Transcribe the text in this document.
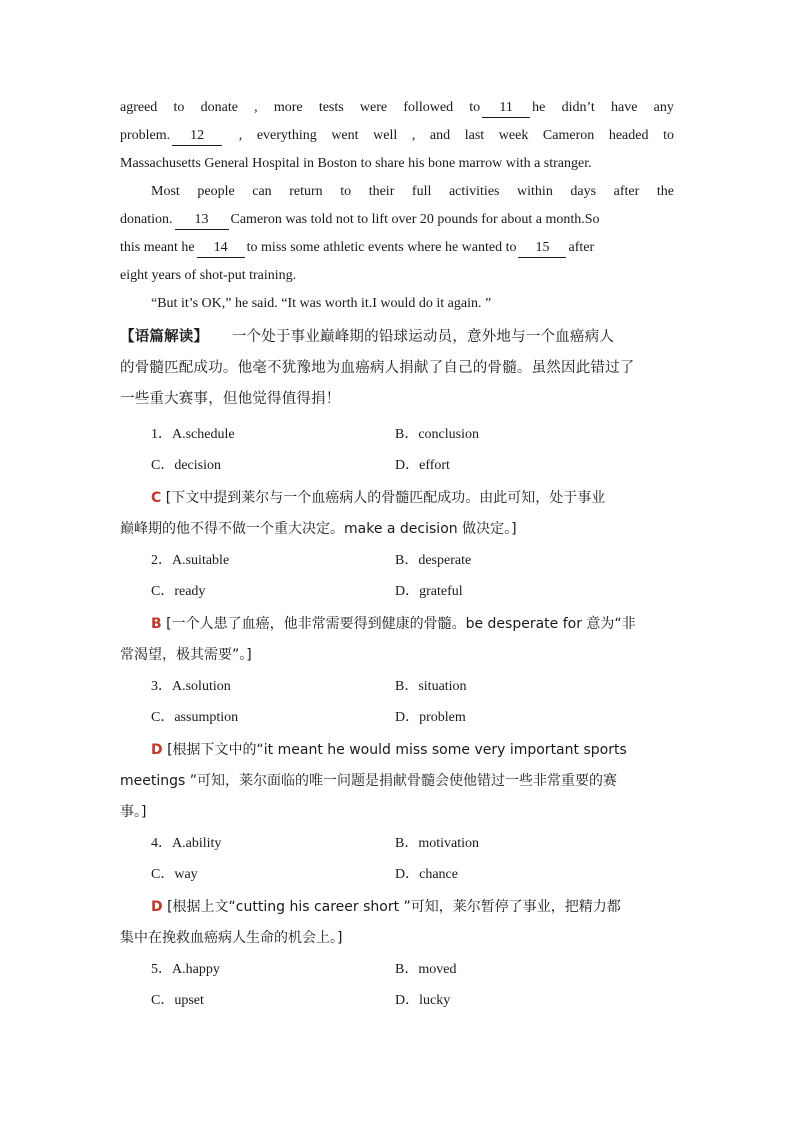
agreed to donate , more tests were followed to 11 he didn’t have any
problem. 12	, everything went well , and last week Cameron headed to
Massachusetts General Hospital in Boston to share his bone marrow with a stranger.
Most people can return to their full activities within days after the
donation. 13 Cameron was told not to lift over 20 pounds for about a month.So
this meant he 14 to miss some athletic events where he wanted to 15 after
eight years of shot-put training.
“But it’s OK,” he said. “It was worth it.I would do it again. ”
【语篇解读】 一个处于事业巅峰期的铅球运动员，意外地与一个血癌病人
的骨髓匹配成功。他毫不犹豫地为血癌病人捐献了自己的骨髓。虽然因此错过了
一些重大赛事，但他觉得值得捐！
1．A.schedule	B．conclusion
C．decision	D．effort
C [下文中提到莱尔与一个血癌病人的骨髓匹配成功。由此可知，处于事业
巅峰期的他不得不做一个重大决定。make a decision 做决定。]
2．A.suitable	B．desperate
C．ready	D．grateful
B [一个人患了血癌，他非常需要得到健康的骨髓。be desperate for 意为“非
常渴望，极其需要”。]
3．A.solution	B．situation
C．assumption	D．problem
D [根据下文中的“it meant he would miss some very important sports
meetings ”可知，莱尔面临的唯一问题是捐献骨髓会使他错过一些非常重要的赛
事。]
4．A.ability	B．motivation
C．way	D．chance
D [根据上文“cutting his career short ”可知，莱尔暂停了事业，把精力都
集中在挽救血癌病人生命的机会上。]
5．A.happy	B．moved
C．upset	D．lucky
